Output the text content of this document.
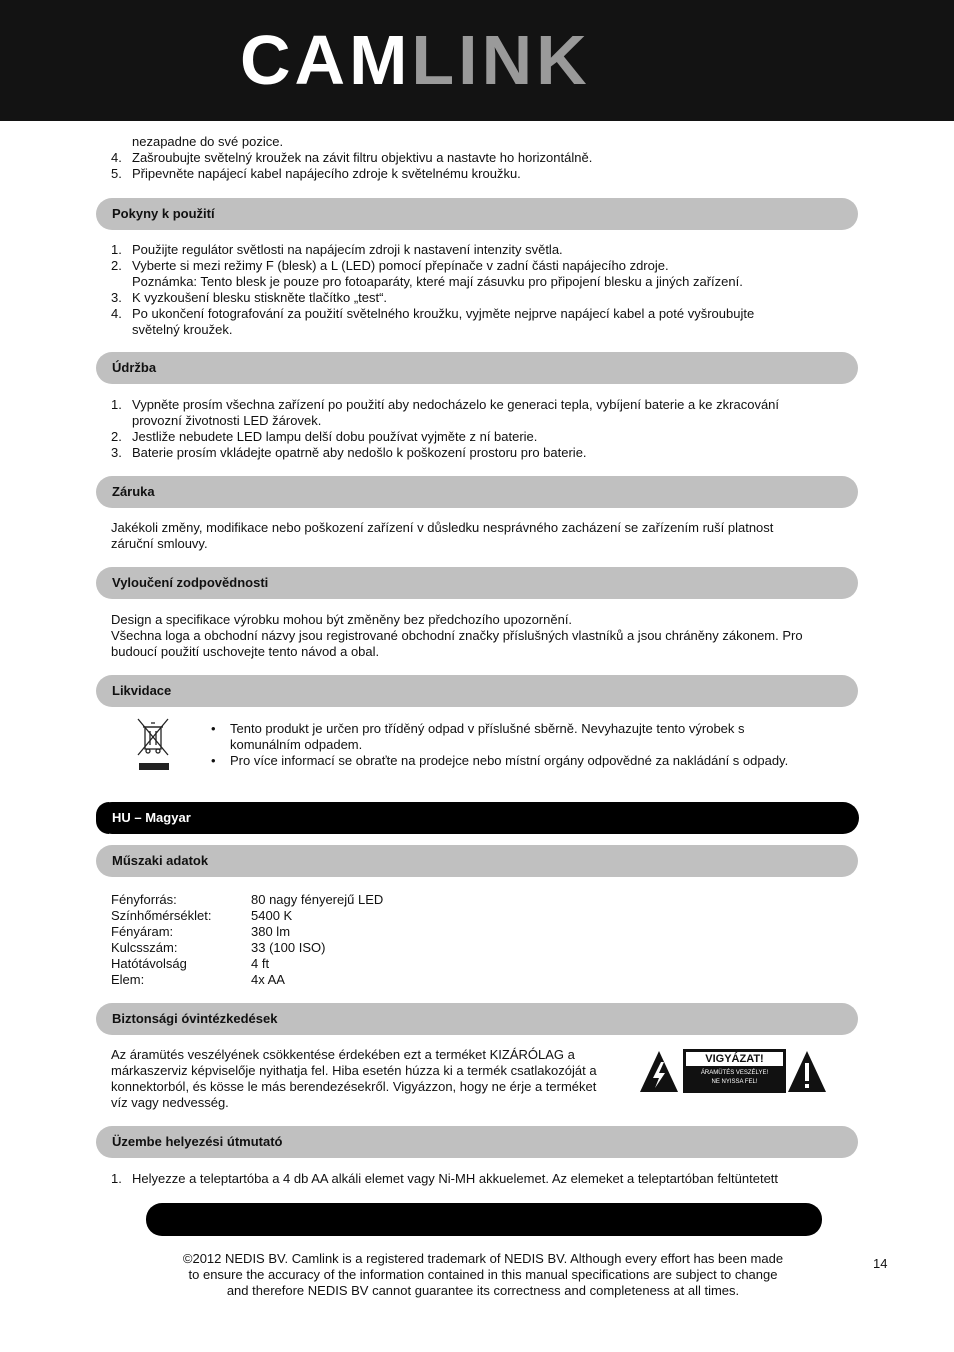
CAMLINK
nezapadne do své pozice.
4. Zašroubujte světelný kroužek na závit filtru objektivu a nastavte ho horizontálně.
5. Připevněte napájecí kabel napájecího zdroje k světelnému kroužku.
Pokyny k použití
1. Použijte regulátor světlosti na napájecím zdroji k nastavení intenzity světla.
2. Vyberte si mezi režimy F (blesk) a L (LED) pomocí přepínače v zadní části napájecího zdroje.
Poznámka: Tento blesk je pouze pro fotoaparáty, které mají zásuvku pro připojení blesku a jiných zařízení.
3. K vyzkoušení blesku stiskněte tlačítko „test“.
4. Po ukončení fotografování za použití světelného kroužku, vyjměte nejprve napájecí kabel a poté vyšroubujte
světelný kroužek.
Údržba
1. Vypněte prosím všechna zařízení po použití aby nedocházelo ke generaci tepla, vybíjení baterie a ke zkracování
provozní životnosti LED žárovek.
2. Jestliže nebudete LED lampu delší dobu používat vyjměte z ní baterie.
3. Baterie prosím vkládejte opatrně aby nedošlo k poškození prostoru pro baterie.
Záruka
Jakékoli změny, modifikace nebo poškození zařízení v důsledku nesprávného zacházení se zařízením ruší platnost
záruční smlouvy.
Vyloučení zodpovědnosti
Design a specifikace výrobku mohou být změněny bez předchozího upozornění.
Všechna loga a obchodní názvy jsou registrované obchodní značky příslušných vlastníků a jsou chráněny zákonem. Pro
budoucí použití uschovejte tento návod a obal.
Likvidace
• Tento produkt je určen pro tříděný odpad v příslušné sběrně. Nevyhazujte tento výrobek s
komunálním odpadem.
• Pro více informací se obraťte na prodejce nebo místní orgány odpovědné za nakládání s odpady.
HU – Magyar
Műszaki adatok
Fényforrás:	80 nagy fényerejű LED
Színhőmérséklet:	5400 K
Fényáram:	380 lm
Kulcsszám:	33 (100 ISO)
Hatótávolság	4 ft
Elem:	4x AA
Biztonsági óvintézkedések
Az áramütés veszélyének csökkentése érdekében ezt a terméket KIZÁRÓLAG a
márkaszerviz képviselője nyithatja fel. Hiba esetén húzza ki a termék csatlakozóját a
konnektorból, és kösse le más berendezésekről. Vigyázzon, hogy ne érje a terméket
víz vagy nedvesség.
VIGYÁZAT!
ÁRAMÜTÉS VESZÉLYE!
NE NYISSA FEL!
Üzembe helyezési útmutató
1. Helyezze a teleptartóba a 4 db AA alkáli elemet vagy Ni-MH akkuelemet. Az elemeket a teleptartóban feltüntetett
©2012 NEDIS BV. Camlink is a registered trademark of NEDIS BV. Although every effort has been made
to ensure the accuracy of the information contained in this manual specifications are subject to change
and therefore NEDIS BV cannot guarantee its correctness and completeness at all times.
14
